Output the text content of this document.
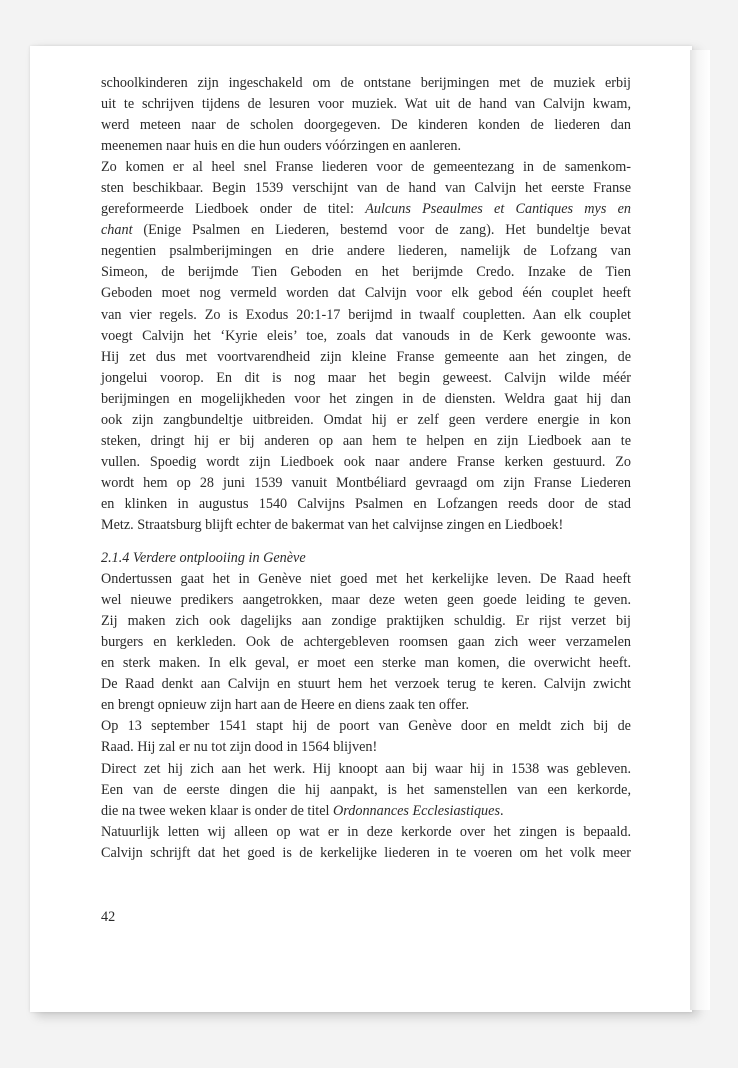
schoolkinderen zijn ingeschakeld om de ontstane berijmingen met de muziek erbij
uit te schrijven tijdens de lesuren voor muziek. Wat uit de hand van Calvijn kwam,
werd meteen naar de scholen doorgegeven. De kinderen konden de liederen dan
meenemen naar huis en die hun ouders vóórzingen en aanleren.
Zo komen er al heel snel Franse liederen voor de gemeentezang in de samenkom-
sten beschikbaar. Begin 1539 verschijnt van de hand van Calvijn het eerste Franse
gereformeerde Liedboek onder de titel: Aulcuns Pseaulmes et Cantiques mys en
chant (Enige Psalmen en Liederen, bestemd voor de zang). Het bundeltje bevat
negentien psalmberijmingen en drie andere liederen, namelijk de Lofzang van
Simeon, de berijmde Tien Geboden en het berijmde Credo. Inzake de Tien
Geboden moet nog vermeld worden dat Calvijn voor elk gebod één couplet heeft
van vier regels. Zo is Exodus 20:1-17 berijmd in twaalf coupletten. Aan elk couplet
voegt Calvijn het ‘Kyrie eleis’ toe, zoals dat vanouds in de Kerk gewoonte was.
Hij zet dus met voortvarendheid zijn kleine Franse gemeente aan het zingen, de
jongelui voorop. En dit is nog maar het begin geweest. Calvijn wilde méér
berijmingen en mogelijkheden voor het zingen in de diensten. Weldra gaat hij dan
ook zijn zangbundeltje uitbreiden. Omdat hij er zelf geen verdere energie in kon
steken, dringt hij er bij anderen op aan hem te helpen en zijn Liedboek aan te
vullen. Spoedig wordt zijn Liedboek ook naar andere Franse kerken gestuurd. Zo
wordt hem op 28 juni 1539 vanuit Montbéliard gevraagd om zijn Franse Liederen
en klinken in augustus 1540 Calvijns Psalmen en Lofzangen reeds door de stad
Metz. Straatsburg blijft echter de bakermat van het calvijnse zingen en Liedboek!
2.1.4 Verdere ontplooiing in Genève
Ondertussen gaat het in Genève niet goed met het kerkelijke leven. De Raad heeft
wel nieuwe predikers aangetrokken, maar deze weten geen goede leiding te geven.
Zij maken zich ook dagelijks aan zondige praktijken schuldig. Er rijst verzet bij
burgers en kerkleden. Ook de achtergebleven roomsen gaan zich weer verzamelen
en sterk maken. In elk geval, er moet een sterke man komen, die overwicht heeft.
De Raad denkt aan Calvijn en stuurt hem het verzoek terug te keren. Calvijn zwicht
en brengt opnieuw zijn hart aan de Heere en diens zaak ten offer.
Op 13 september 1541 stapt hij de poort van Genève door en meldt zich bij de
Raad. Hij zal er nu tot zijn dood in 1564 blijven!
Direct zet hij zich aan het werk. Hij knoopt aan bij waar hij in 1538 was gebleven.
Een van de eerste dingen die hij aanpakt, is het samenstellen van een kerkorde,
die na twee weken klaar is onder de titel Ordonnances Ecclesiastiques.
Natuurlijk letten wij alleen op wat er in deze kerkorde over het zingen is bepaald.
Calvijn schrijft dat het goed is de kerkelijke liederen in te voeren om het volk meer
42
